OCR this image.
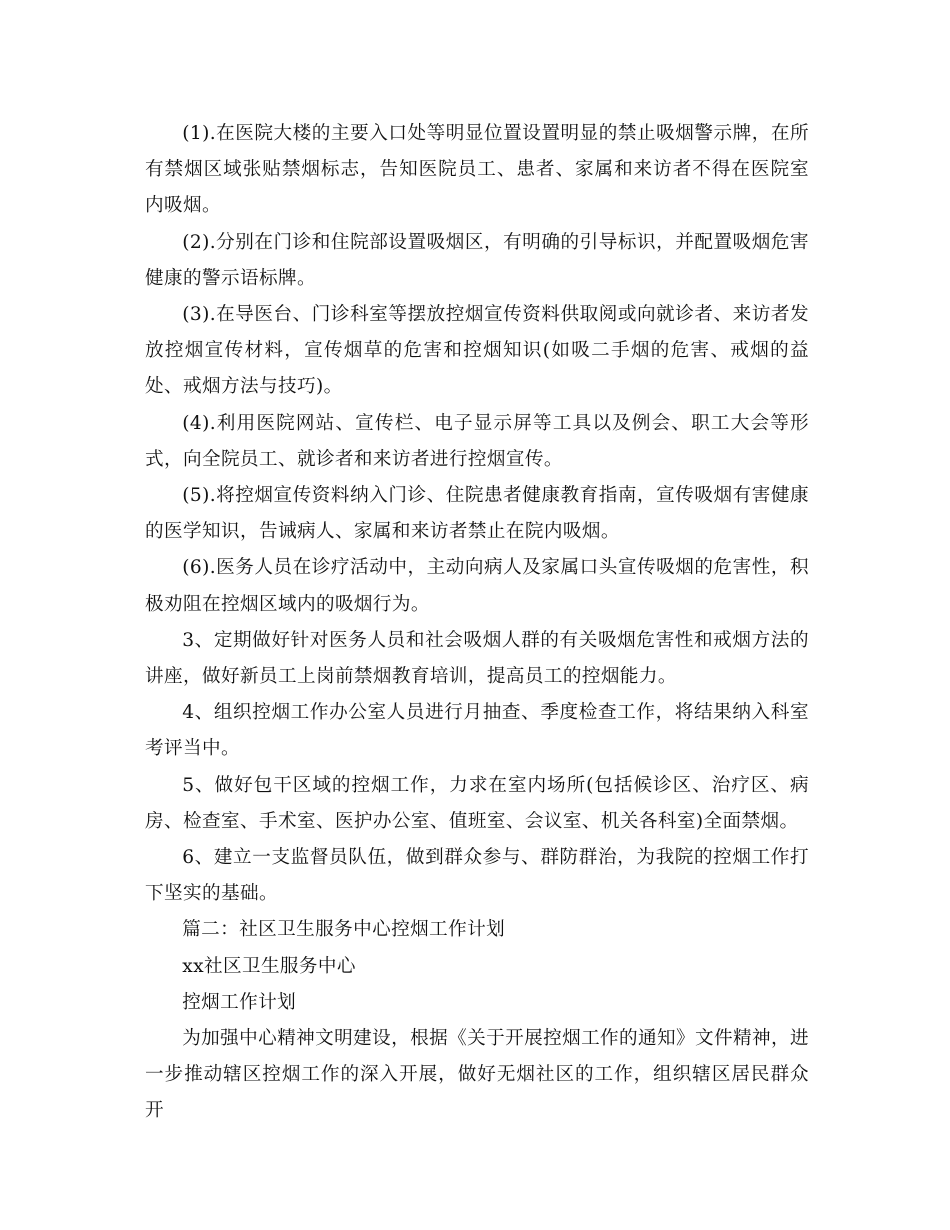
(1).在医院大楼的主要入口处等明显位置设置明显的禁止吸烟警示牌，在所有禁烟区域张贴禁烟标志，告知医院员工、患者、家属和来访者不得在医院室内吸烟。

(2).分别在门诊和住院部设置吸烟区，有明确的引导标识，并配置吸烟危害健康的警示语标牌。

(3).在导医台、门诊科室等摆放控烟宣传资料供取阅或向就诊者、来访者发放控烟宣传材料，宣传烟草的危害和控烟知识(如吸二手烟的危害、戒烟的益处、戒烟方法与技巧)。

(4).利用医院网站、宣传栏、电子显示屏等工具以及例会、职工大会等形式，向全院员工、就诊者和来访者进行控烟宣传。

(5).将控烟宣传资料纳入门诊、住院患者健康教育指南，宣传吸烟有害健康的医学知识，告诫病人、家属和来访者禁止在院内吸烟。

(6).医务人员在诊疗活动中，主动向病人及家属口头宣传吸烟的危害性，积极劝阻在控烟区域内的吸烟行为。

3、定期做好针对医务人员和社会吸烟人群的有关吸烟危害性和戒烟方法的讲座，做好新员工上岗前禁烟教育培训，提高员工的控烟能力。

4、组织控烟工作办公室人员进行月抽查、季度检查工作，将结果纳入科室考评当中。

5、做好包干区域的控烟工作，力求在室内场所(包括候诊区、治疗区、病房、检查室、手术室、医护办公室、值班室、会议室、机关各科室)全面禁烟。

6、建立一支监督员队伍，做到群众参与、群防群治，为我院的控烟工作打下坚实的基础。

篇二：社区卫生服务中心控烟工作计划

xx社区卫生服务中心

控烟工作计划

为加强中心精神文明建设，根据《关于开展控烟工作的通知》文件精神，进一步推动辖区控烟工作的深入开展，做好无烟社区的工作，组织辖区居民群众开
